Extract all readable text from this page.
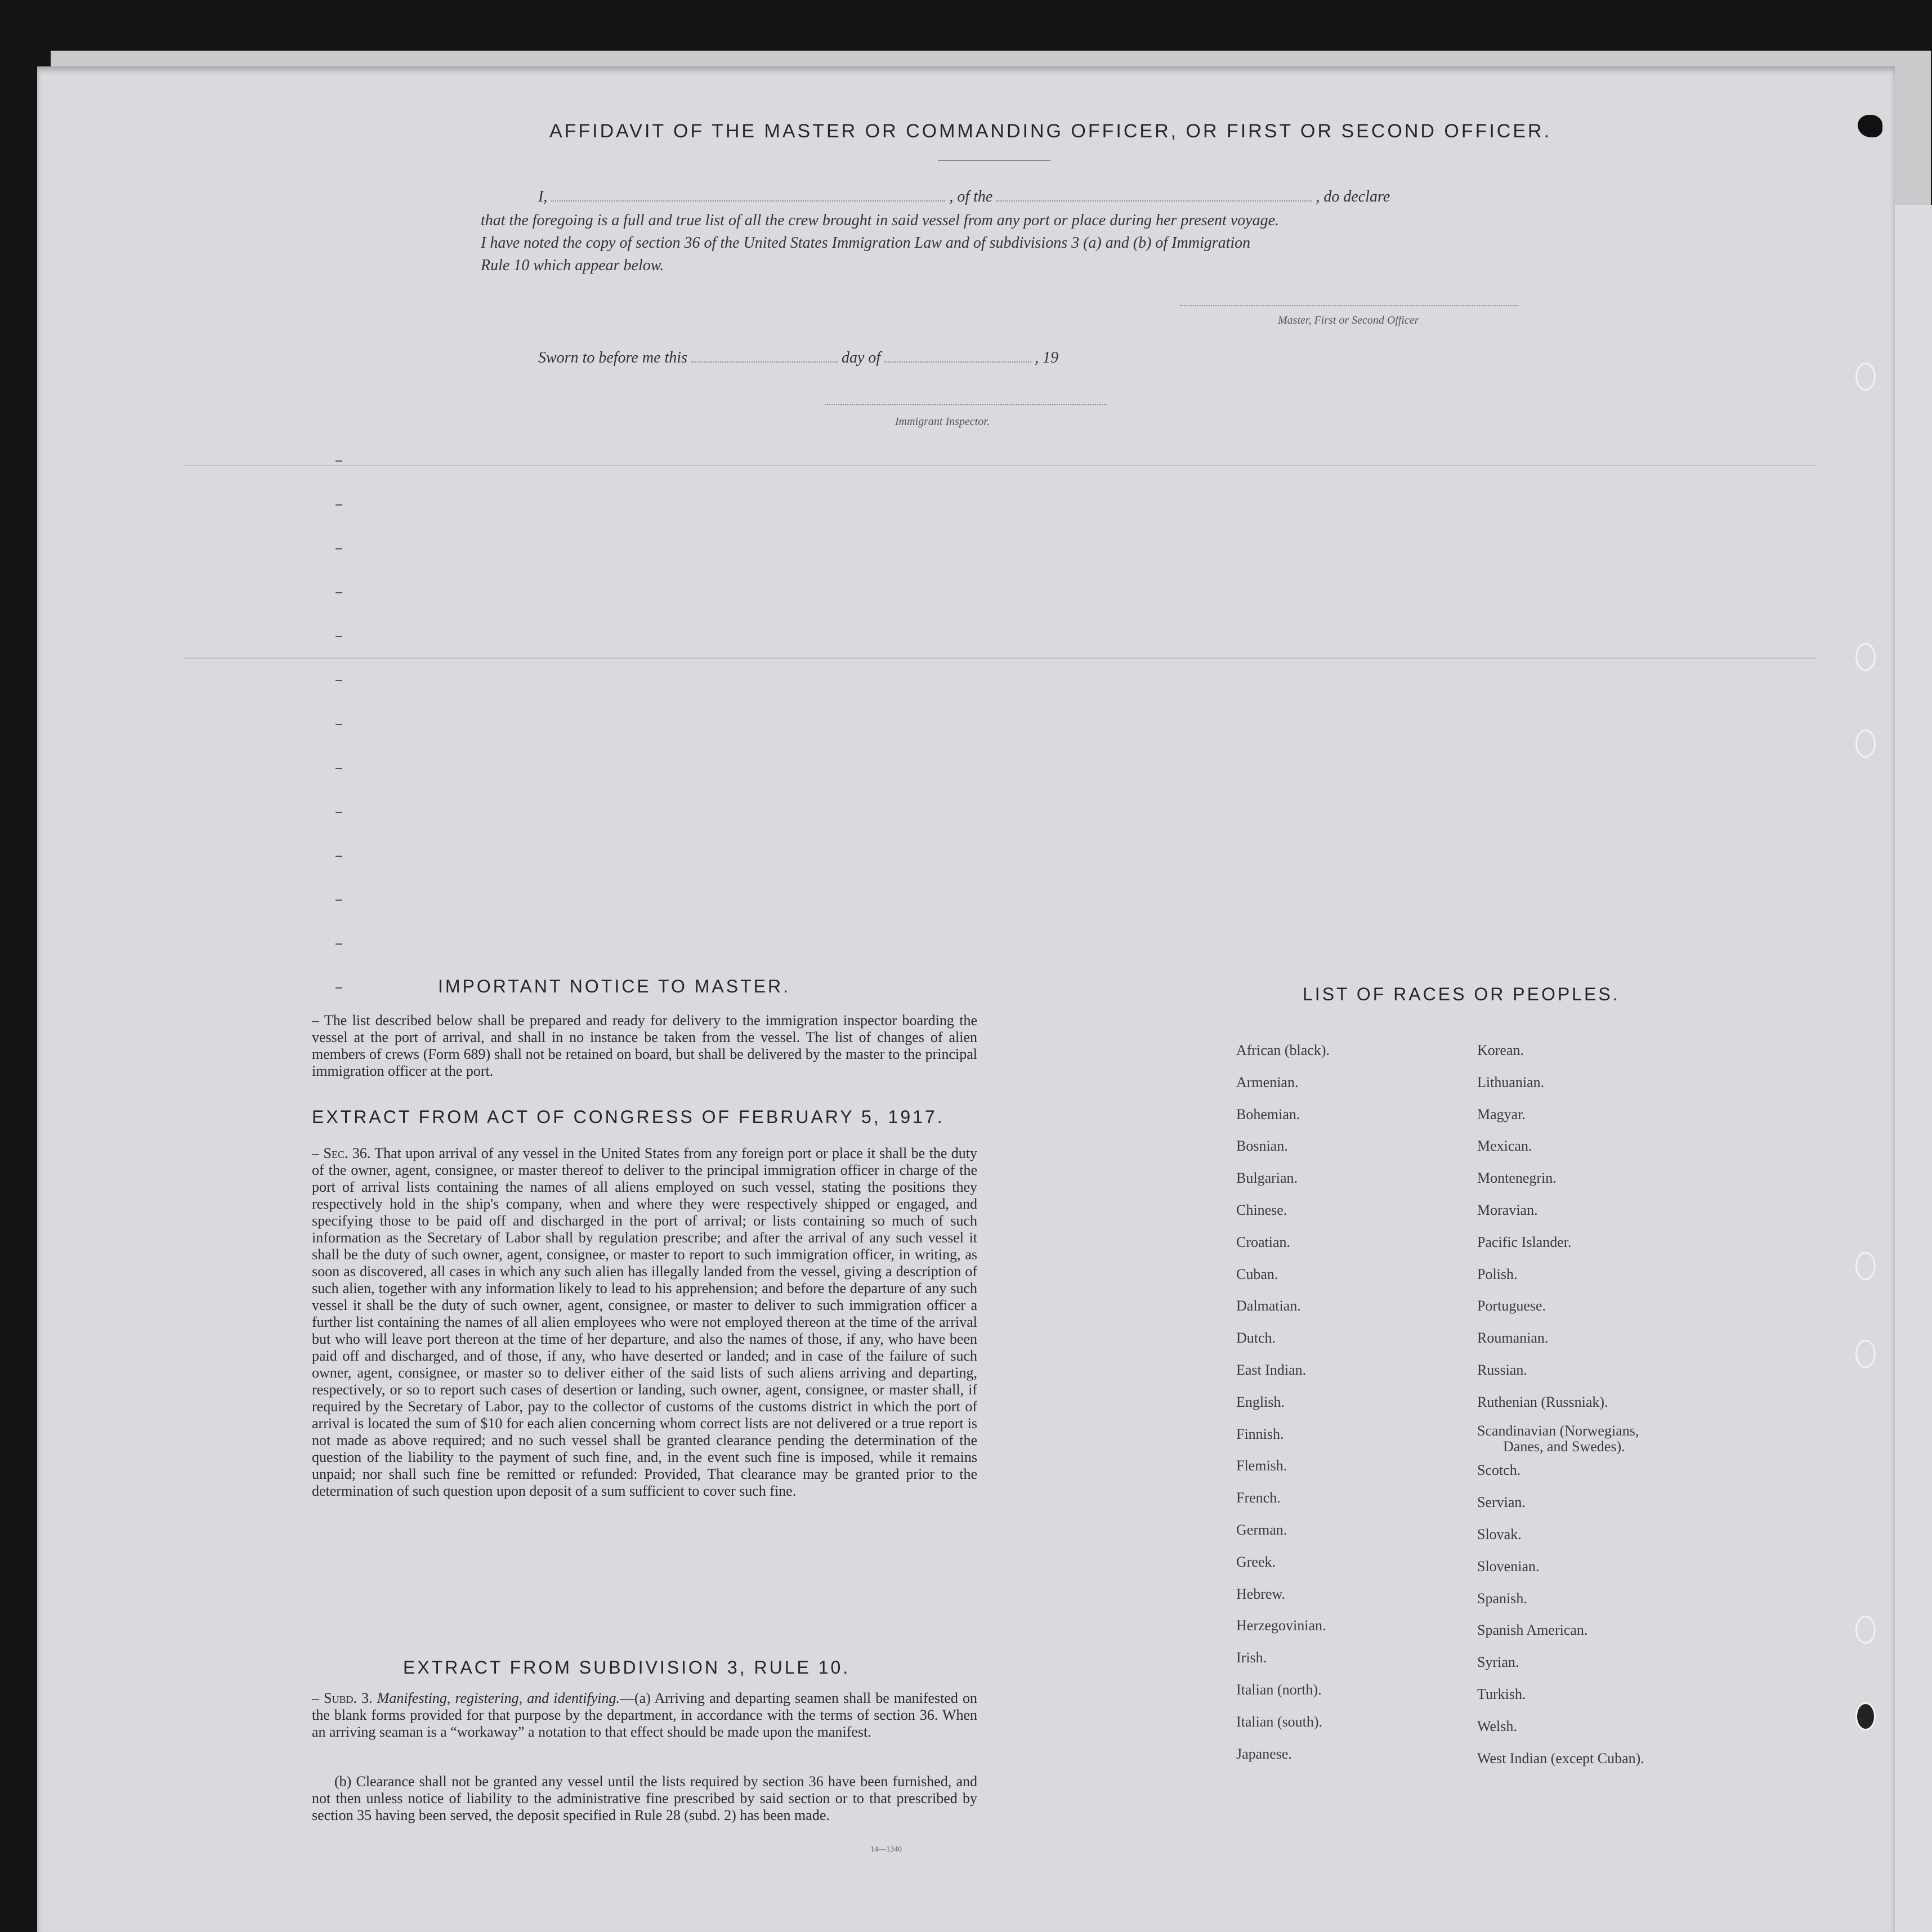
AFFIDAVIT OF THE MASTER OR COMMANDING OFFICER, OR FIRST OR SECOND OFFICER.
I,	, of the	, do declare
that the foregoing is a full and true list of all the crew brought in said vessel from any port or place during her present voyage.
I have noted the copy of section 36 of the United States Immigration Law and of subdivisions 3 (a) and (b) of Immigration
Rule 10 which appear below.
Master, First or Second Officer
Sworn to before me this	day of	, 19
Immigrant Inspector.
IMPORTANT NOTICE TO MASTER.
– The list described below shall be prepared and ready for delivery to the immigration inspector boarding the vessel at the port of arrival, and shall in no instance be taken from the vessel. The list of changes of alien members of crews (Form 689) shall not be retained on board, but shall be delivered by the master to the principal immigration officer at the port.
EXTRACT FROM ACT OF CONGRESS OF FEBRUARY 5, 1917.
– Sec. 36. That upon arrival of any vessel in the United States from any foreign port or place it shall be the duty of the owner, agent, consignee, or master thereof to deliver to the principal immigration officer in charge of the port of arrival lists containing the names of all aliens employed on such vessel, stating the positions they respectively hold in the ship's company, when and where they were respectively shipped or engaged, and specifying those to be paid off and discharged in the port of arrival; or lists containing so much of such information as the Secretary of Labor shall by regulation prescribe; and after the arrival of any such vessel it shall be the duty of such owner, agent, consignee, or master to report to such immigration officer, in writing, as soon as discovered, all cases in which any such alien has illegally landed from the vessel, giving a description of such alien, together with any information likely to lead to his apprehension; and before the departure of any such vessel it shall be the duty of such owner, agent, consignee, or master to deliver to such immigration officer a further list containing the names of all alien employees who were not employed thereon at the time of the arrival but who will leave port thereon at the time of her departure, and also the names of those, if any, who have been paid off and discharged, and of those, if any, who have deserted or landed; and in case of the failure of such owner, agent, consignee, or master so to deliver either of the said lists of such aliens arriving and departing, respectively, or so to report such cases of desertion or landing, such owner, agent, consignee, or master shall, if required by the Secretary of Labor, pay to the collector of customs of the customs district in which the port of arrival is located the sum of $10 for each alien concerning whom correct lists are not delivered or a true report is not made as above required; and no such vessel shall be granted clearance pending the determination of the question of the liability to the payment of such fine, and, in the event such fine is imposed, while it remains unpaid; nor shall such fine be remitted or refunded: Provided, That clearance may be granted prior to the determination of such question upon deposit of a sum sufficient to cover such fine.
EXTRACT FROM SUBDIVISION 3, RULE 10.
– Subd. 3. Manifesting, registering, and identifying.—(a) Arriving and departing seamen shall be manifested on the blank forms provided for that purpose by the department, in accordance with the terms of section 36. When an arriving seaman is a “workaway” a notation to that effect should be made upon the manifest.
(b) Clearance shall not be granted any vessel until the lists required by section 36 have been furnished, and not then unless notice of liability to the administrative fine prescribed by said section or to that prescribed by section 35 having been served, the deposit specified in Rule 28 (subd. 2) has been made.
14—1340
LIST OF RACES OR PEOPLES.
African (black).
Armenian.
Bohemian.
Bosnian.
Bulgarian.
Chinese.
Croatian.
Cuban.
Dalmatian.
Dutch.
East Indian.
English.
Finnish.
Flemish.
French.
German.
Greek.
Hebrew.
Herzegovinian.
Irish.
Italian (north).
Italian (south).
Japanese.
Korean.
Lithuanian.
Magyar.
Mexican.
Montenegrin.
Moravian.
Pacific Islander.
Polish.
Portuguese.
Roumanian.
Russian.
Ruthenian (Russniak).
Scandinavian (Norwegians,
Danes, and Swedes).
Scotch.
Servian.
Slovak.
Slovenian.
Spanish.
Spanish American.
Syrian.
Turkish.
Welsh.
West Indian (except Cuban).
